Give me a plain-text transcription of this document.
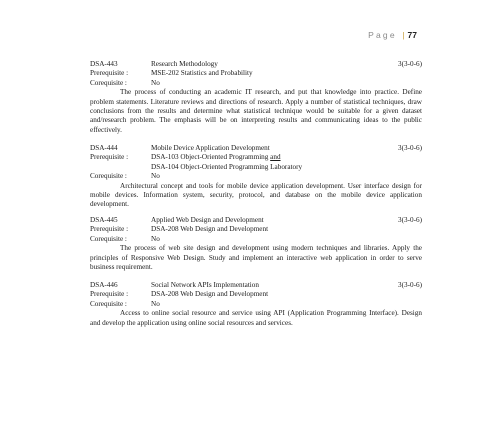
Page | 77
DSA-443	Research Methodology	3(3-0-6)
Prerequisite :	MSE-202 Statistics and Probability
Corequisite :	No

The process of conducting an academic IT research, and put that knowledge into practice. Define problem statements. Literature reviews and directions of research. Apply a number of statistical techniques, draw conclusions from the results and determine what statistical technique would be suitable for a given dataset and/research problem. The emphasis will be on interpreting results and communicating ideas to the public effectively.

DSA-444	Mobile Device Application Development	3(3-0-6)
Prerequisite :	DSA-103 Object-Oriented Programming and
DSA-104 Object-Oriented Programming Laboratory
Corequisite :	No

Architectural concept and tools for mobile device application development. User interface design for mobile devices. Information system, security, protocol, and database on the mobile device application development.

DSA-445	Applied Web Design and Development	3(3-0-6)
Prerequisite :	DSA-208 Web Design and Development
Corequisite :	No

The process of web site design and development using modern techniques and libraries. Apply the principles of Responsive Web Design. Study and implement an interactive web application in order to serve business requirement.

DSA-446	Social Network APIs Implementation	3(3-0-6)
Prerequisite :	DSA-208 Web Design and Development
Corequisite :	No

Access to online social resource and service using API (Application Programming Interface). Design and develop the application using online social resources and services.
